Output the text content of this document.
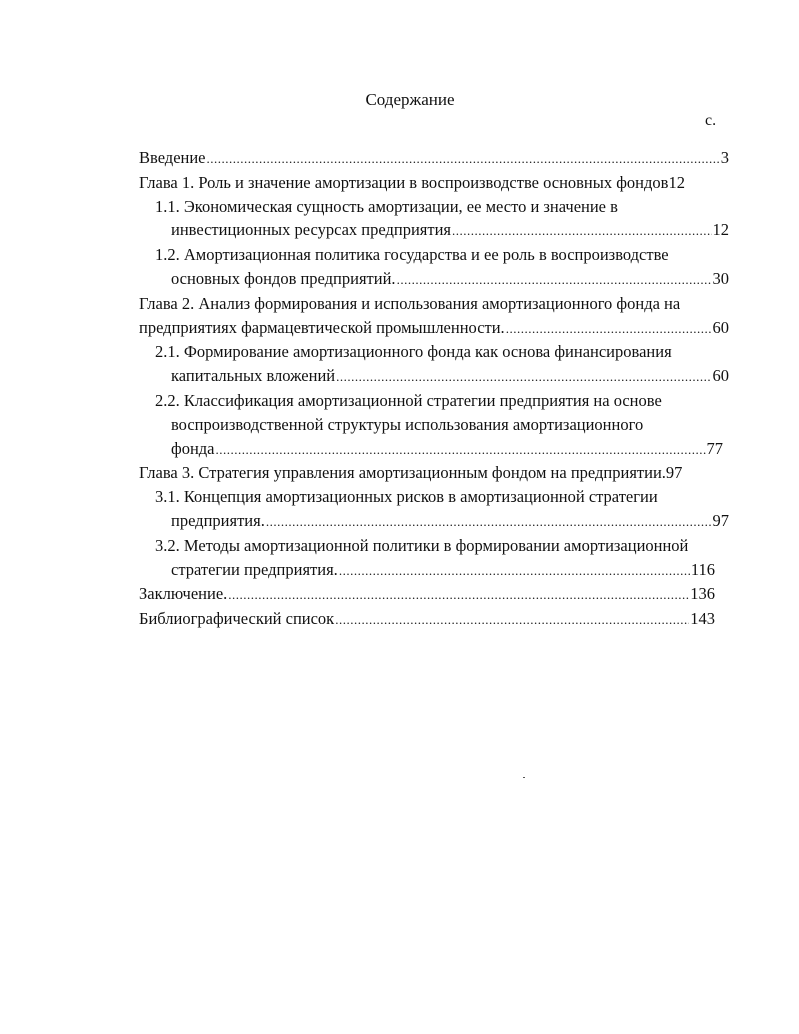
Содержание
с.
Введение .....	3
Глава 1. Роль и значение амортизации в воспроизводстве основных фондов 12
1.1. Экономическая сущность амортизации, ее место и значение в
инвестиционных ресурсах предприятия .....	12
1.2. Амортизационная политика государства и ее роль в воспроизводстве
основных фондов предприятий. .....	30
Глава 2. Анализ формирования и использования амортизационного фонда на
предприятиях фармацевтической промышленности. .....	60
2.1. Формирование амортизационного фонда как основа финансирования
капитальных вложений .....	60
2.2. Классификация амортизационной стратегии предприятия на основе
воспроизводственной структуры использования амортизационного
фонда .....	77
Глава 3. Стратегия управления амортизационным фондом на предприятии. 97
3.1. Концепция амортизационных рисков в амортизационной стратегии
предприятия. .....	97
3.2. Методы амортизационной политики в формировании амортизационной
стратегии предприятия. .....	116
Заключение. .....	136
Библиографический список .....	143
